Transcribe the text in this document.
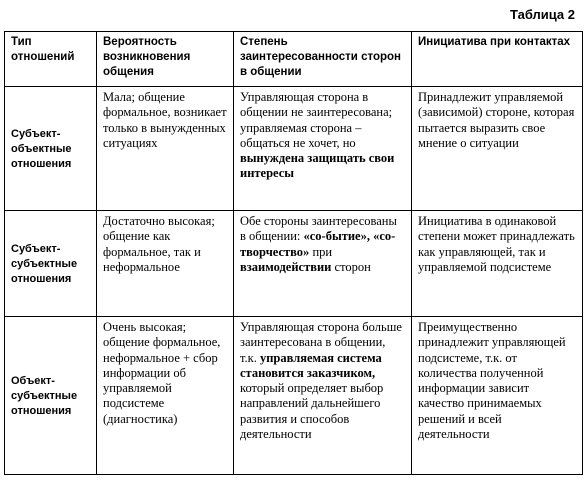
Таблица 2
Тип отношений	Вероятность возникновения общения	Степень заинтересованности сторон в общении	Инициатива при контактах
Субъект-объектные отношения	Мала; общение формальное, возникает только в вынужденных ситуациях	Управляющая сторона в общении не заинтересована; управляемая сторона – общаться не хочет, но вынуждена защищать свои интересы	Принадлежит управляемой (зависимой) стороне, которая пытается выразить свое мнение о ситуации
Субъект-субъектные отношения	Достаточно высокая; общение как формальное, так и неформальное	Обе стороны заинтересованы в общении: «со-бытие», «со-творчество» при взаимодействии сторон	Инициатива в одинаковой степени может принадлежать как управляющей, так и управляемой подсистеме
Объект-субъектные отношения	Очень высокая; общение формальное, неформальное + сбор информации об управляемой подсистеме (диагностика)	Управляющая сторона больше заинтересована в общении, т.к. управляемая система становится заказчиком, который определяет выбор направлений дальнейшего развития и способов деятельности	Преимущественно принадлежит управляющей подсистеме, т.к. от количества полученной информации зависит качество принимаемых решений и всей деятельности
